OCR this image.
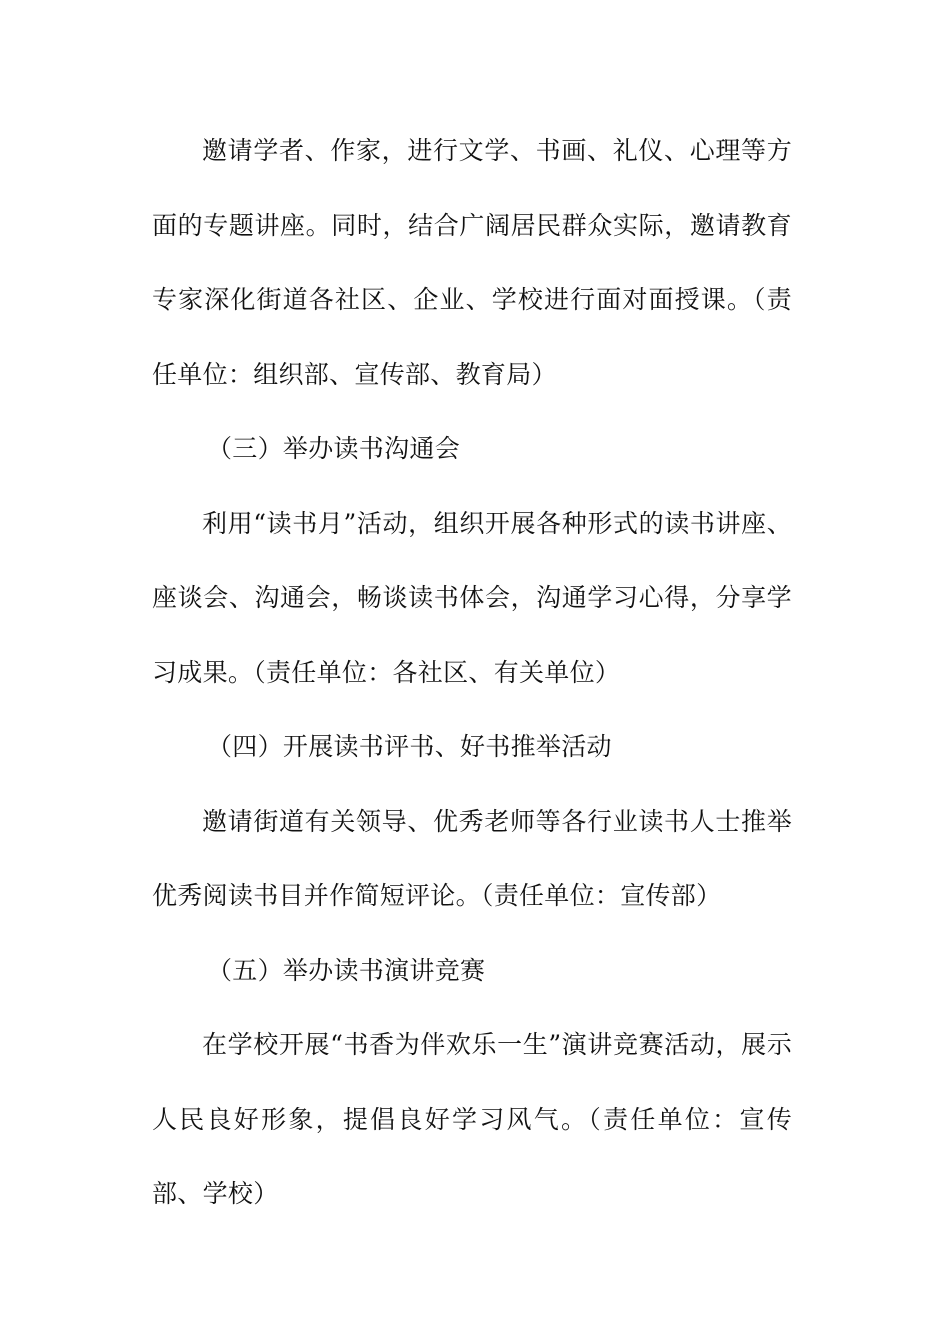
邀请学者、作家，进行文学、书画、礼仪、心理等方面的专题讲座。同时，结合广阔居民群众实际，邀请教育专家深化街道各社区、企业、学校进行面对面授课。（责任单位：组织部、宣传部、教育局）

（三）举办读书沟通会

利用“读书月”活动，组织开展各种形式的读书讲座、座谈会、沟通会，畅谈读书体会，沟通学习心得，分享学习成果。（责任单位：各社区、有关单位）

（四）开展读书评书、好书推举活动

邀请街道有关领导、优秀老师等各行业读书人士推举优秀阅读书目并作简短评论。（责任单位：宣传部）

（五）举办读书演讲竞赛

在学校开展“书香为伴欢乐一生”演讲竞赛活动，展示人民良好形象，提倡良好学习风气。（责任单位：宣传部、学校）
